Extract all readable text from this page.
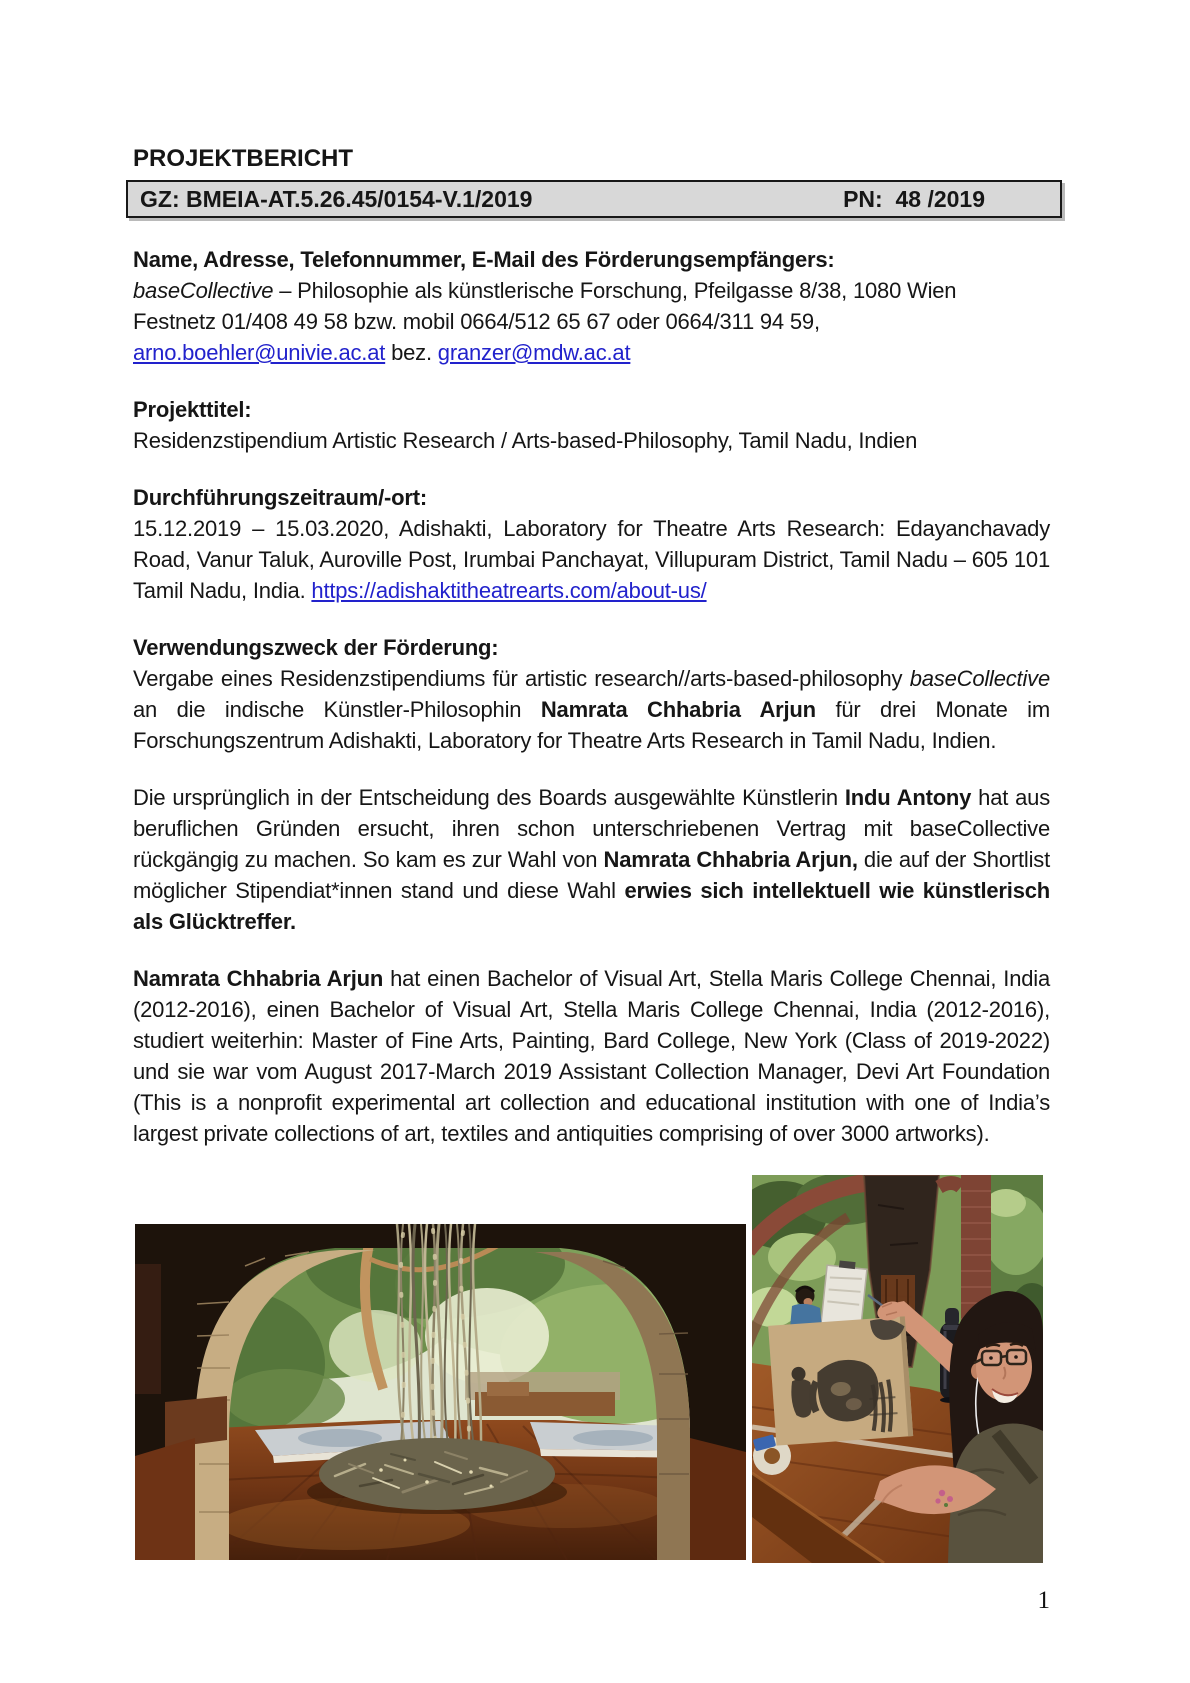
PROJEKTBERICHT
GZ: BMEIA-AT.5.26.45/0154-V.1/2019	PN:  48 /2019
Name, Adresse, Telefonnummer, E-Mail des Förderungsempfängers:

baseCollective – Philosophie als künstlerische Forschung, Pfeilgasse 8/38, 1080 Wien
Festnetz 01/408 49 58 bzw. mobil 0664/512 65 67 oder 0664/311 94 59,
arno.boehler@univie.ac.at bez. granzer@mdw.ac.at

Projekttitel:

Residenzstipendium Artistic Research / Arts-based-Philosophy, Tamil Nadu, Indien

Durchführungszeitraum/-ort:

15.12.2019 – 15.03.2020, Adishakti, Laboratory for Theatre Arts Research: Edayanchavady Road, Vanur Taluk, Auroville Post, Irumbai Panchayat, Villupuram District, Tamil Nadu – 605 101 Tamil Nadu, India. https://adishaktitheatrearts.com/about-us/

Verwendungszweck der Förderung:

Vergabe eines Residenzstipendiums für artistic research//arts-based-philosophy baseCollective an die indische Künstler-Philosophin Namrata Chhabria Arjun für drei Monate im Forschungszentrum Adishakti, Laboratory for Theatre Arts Research in Tamil Nadu, Indien.

Die ursprünglich in der Entscheidung des Boards ausgewählte Künstlerin Indu Antony hat aus beruflichen Gründen ersucht, ihren schon unterschriebenen Vertrag mit baseCollective rückgängig zu machen. So kam es zur Wahl von Namrata Chhabria Arjun, die auf der Shortlist möglicher Stipendiat*innen stand und diese Wahl erwies sich intellektuell wie künstlerisch als Glücktreffer.

Namrata Chhabria Arjun hat einen Bachelor of Visual Art, Stella Maris College Chennai, India (2012-2016), einen Bachelor of Visual Art, Stella Maris College Chennai, India (2012-2016), studiert weiterhin: Master of Fine Arts, Painting, Bard College, New York (Class of 2019-2022) und sie war vom August 2017-March 2019 Assistant Collection Manager, Devi Art Foundation (This is a nonprofit experimental art collection and educational institution with one of India’s largest private collections of art, textiles and antiquities comprising of over 3000 artworks).

1
